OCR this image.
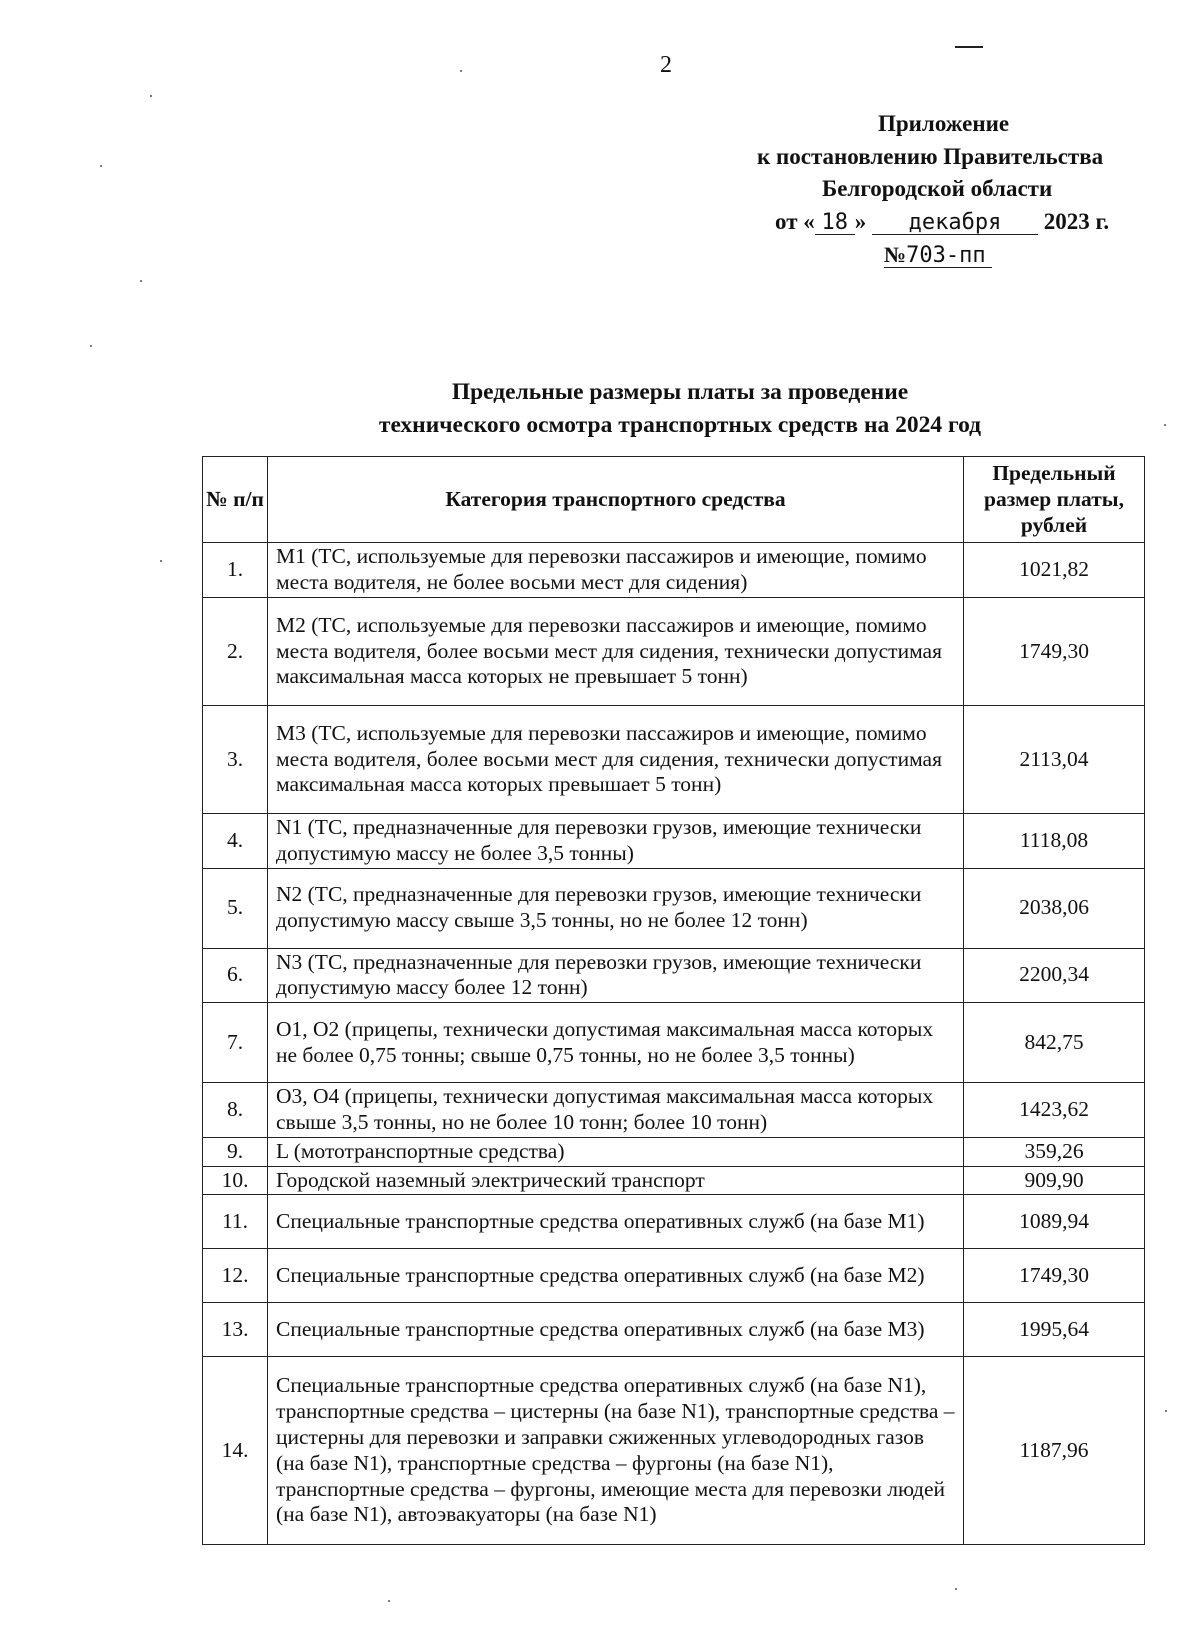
2
Приложение
к постановлению Правительства
Белгородской области
от « 18 » декабря 2023 г.
№703-пп
Предельные размеры платы за проведение
технического осмотра транспортных средств на 2024 год
№ п/п	Категория транспортного средства	Предельный размер платы, рублей
1.	M1 (ТС, используемые для перевозки пассажиров и имеющие, помимо места водителя, не более восьми мест для сидения)	1021,82
2.	M2 (ТС, используемые для перевозки пассажиров и имеющие, помимо места водителя, более восьми мест для сидения, технически допустимая максимальная масса которых не превышает 5 тонн)	1749,30
3.	M3 (ТС, используемые для перевозки пассажиров и имеющие, помимо места водителя, более восьми мест для сидения, технически допустимая максимальная масса которых превышает 5 тонн)	2113,04
4.	N1 (ТС, предназначенные для перевозки грузов, имеющие технически допустимую массу не более 3,5 тонны)	1118,08
5.	N2 (ТС, предназначенные для перевозки грузов, имеющие технически допустимую массу свыше 3,5 тонны, но не более 12 тонн)	2038,06
6.	N3 (ТС, предназначенные для перевозки грузов, имеющие технически допустимую массу более 12 тонн)	2200,34
7.	O1, O2 (прицепы, технически допустимая максимальная масса которых не более 0,75 тонны; свыше 0,75 тонны, но не более 3,5 тонны)	842,75
8.	O3, O4 (прицепы, технически допустимая максимальная масса которых свыше 3,5 тонны, но не более 10 тонн; более 10 тонн)	1423,62
9.	L (мототранспортные средства)	359,26
10.	Городской наземный электрический транспорт	909,90
11.	Специальные транспортные средства оперативных служб (на базе M1)	1089,94
12.	Специальные транспортные средства оперативных служб (на базе M2)	1749,30
13.	Специальные транспортные средства оперативных служб (на базе M3)	1995,64
14.	Специальные транспортные средства оперативных служб (на базе N1), транспортные средства – цистерны (на базе N1), транспортные средства – цистерны для перевозки и заправки сжиженных углеводородных газов (на базе N1), транспортные средства – фургоны (на базе N1), транспортные средства – фургоны, имеющие места для перевозки людей (на базе N1), автоэвакуаторы (на базе N1)	1187,96
